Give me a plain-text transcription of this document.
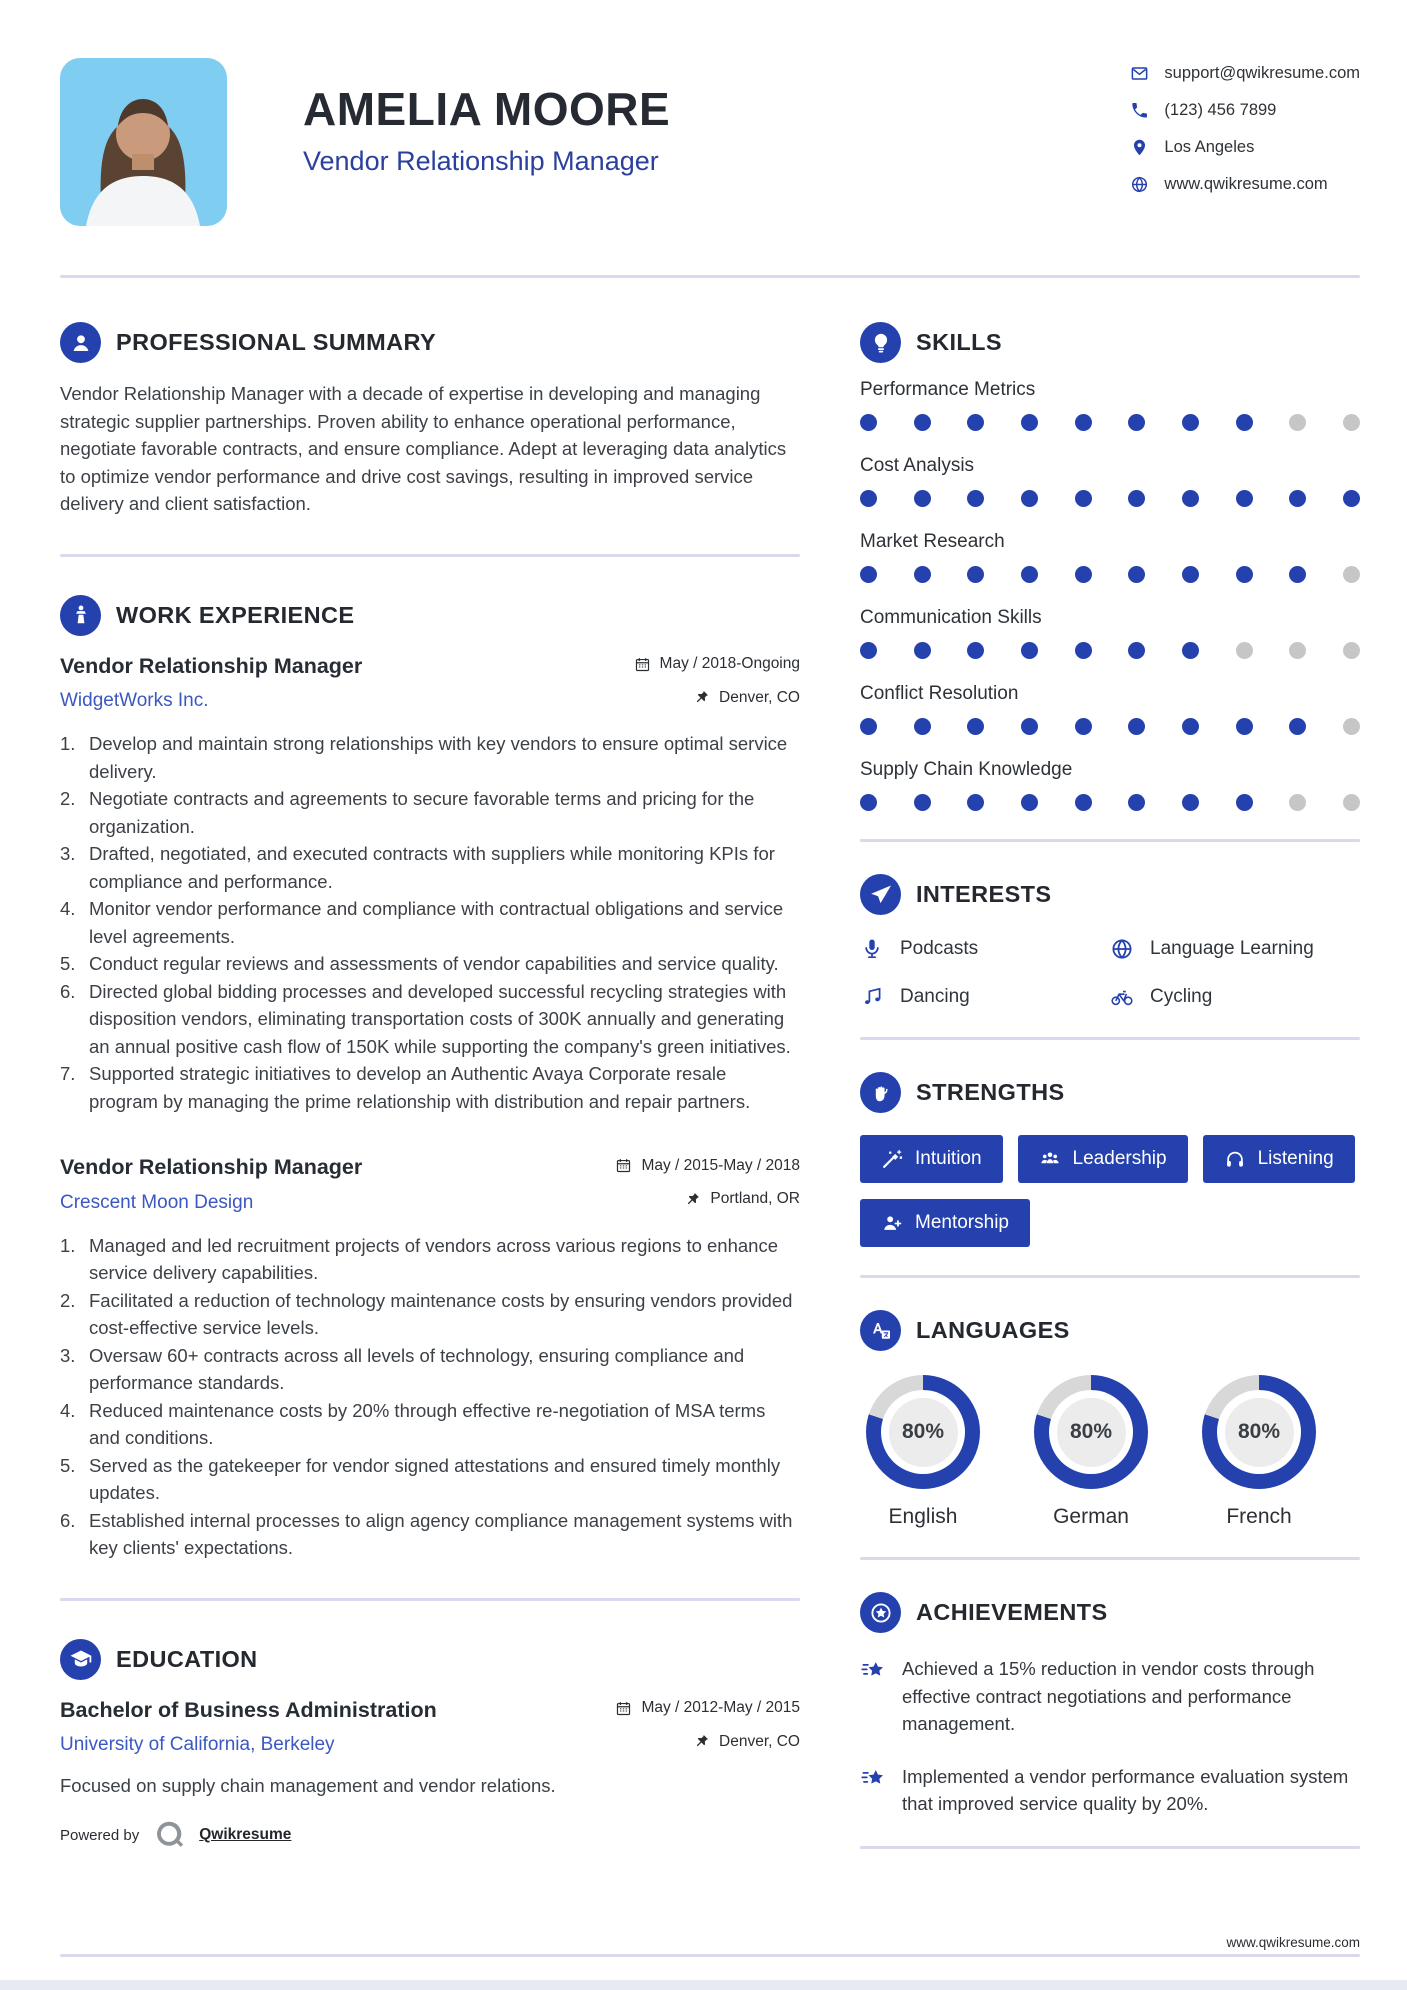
AMELIA MOORE
Vendor Relationship Manager
support@qwikresume.com
(123) 456 7899
Los Angeles
www.qwikresume.com
PROFESSIONAL SUMMARY

Vendor Relationship Manager with a decade of expertise in developing and managing strategic supplier partnerships. Proven ability to enhance operational performance, negotiate favorable contracts, and ensure compliance. Adept at leveraging data analytics to optimize vendor performance and drive cost savings, resulting in improved service delivery and client satisfaction.

WORK EXPERIENCE
Vendor Relationship Manager	May / 2018-Ongoing
WidgetWorks Inc.	Denver, CO
Develop and maintain strong relationships with key vendors to ensure optimal service delivery.
Negotiate contracts and agreements to secure favorable terms and pricing for the organization.
Drafted, negotiated, and executed contracts with suppliers while monitoring KPIs for compliance and performance.
Monitor vendor performance and compliance with contractual obligations and service level agreements.
Conduct regular reviews and assessments of vendor capabilities and service quality.
Directed global bidding processes and developed successful recycling strategies with disposition vendors, eliminating transportation costs of 300K annually and generating an annual positive cash flow of 150K while supporting the company's green initiatives.
Supported strategic initiatives to develop an Authentic Avaya Corporate resale program by managing the prime relationship with distribution and repair partners.
Vendor Relationship Manager	May / 2015-May / 2018
Crescent Moon Design	Portland, OR
Managed and led recruitment projects of vendors across various regions to enhance service delivery capabilities.
Facilitated a reduction of technology maintenance costs by ensuring vendors provided cost-effective service levels.
Oversaw 60+ contracts across all levels of technology, ensuring compliance and performance standards.
Reduced maintenance costs by 20% through effective re-negotiation of MSA terms and conditions.
Served as the gatekeeper for vendor signed attestations and ensured timely monthly updates.
Established internal processes to align agency compliance management systems with key clients' expectations.
EDUCATION
Bachelor of Business Administration	May / 2012-May / 2015
University of California, Berkeley	Denver, CO

Focused on supply chain management and vendor relations.

Powered by	Qwikresume
SKILLS
Performance Metrics
Cost Analysis
Market Research
Communication Skills
Conflict Resolution
Supply Chain Knowledge
INTERESTS
Podcasts	Language Learning
Dancing	Cycling
STRENGTHS
Intuition	Leadership	Listening
Mentorship
LANGUAGES
80%
English
80%
German
80%
French
ACHIEVEMENTS
Achieved a 15% reduction in vendor costs through effective contract negotiations and performance management.
Implemented a vendor performance evaluation system that improved service quality by 20%.
www.qwikresume.com
